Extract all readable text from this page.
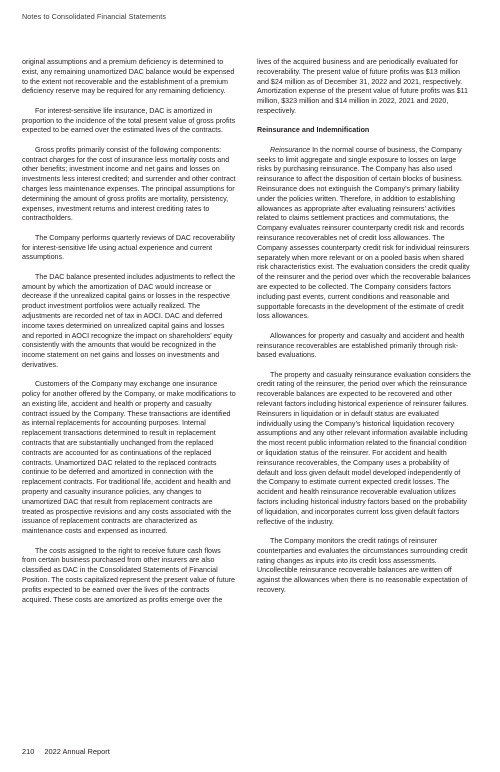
Notes to Consolidated Financial Statements

original assumptions and a premium deficiency is determined to exist, any remaining unamortized DAC balance would be expensed to the extent not recoverable and the establishment of a premium deficiency reserve may be required for any remaining deficiency.

For interest-sensitive life insurance, DAC is amortized in proportion to the incidence of the total present value of gross profits expected to be earned over the estimated lives of the contracts.

Gross profits primarily consist of the following components: contract charges for the cost of insurance less mortality costs and other benefits; investment income and net gains and losses on investments less interest credited; and surrender and other contract charges less maintenance expenses. The principal assumptions for determining the amount of gross profits are mortality, persistency, expenses, investment returns and interest crediting rates to contractholders.

The Company performs quarterly reviews of DAC recoverability for interest-sensitive life using actual experience and current assumptions.

The DAC balance presented includes adjustments to reflect the amount by which the amortization of DAC would increase or decrease if the unrealized capital gains or losses in the respective product investment portfolios were actually realized. The adjustments are recorded net of tax in AOCI. DAC and deferred income taxes determined on unrealized capital gains and losses and reported in AOCI recognize the impact on shareholders’ equity consistently with the amounts that would be recognized in the income statement on net gains and losses on investments and derivatives.

Customers of the Company may exchange one insurance policy for another offered by the Company, or make modifications to an existing life, accident and health or property and casualty contract issued by the Company. These transactions are identified as internal replacements for accounting purposes. Internal replacement transactions determined to result in replacement contracts that are substantially unchanged from the replaced contracts are accounted for as continuations of the replaced contracts. Unamortized DAC related to the replaced contracts continue to be deferred and amortized in connection with the replacement contracts. For traditional life, accident and health and property and casualty insurance policies, any changes to unamortized DAC that result from replacement contracts are treated as prospective revisions and any costs associated with the issuance of replacement contracts are characterized as maintenance costs and expensed as incurred.

The costs assigned to the right to receive future cash flows from certain business purchased from other insurers are also classified as DAC in the Consolidated Statements of Financial Position. The costs capitalized represent the present value of future profits expected to be earned over the lives of the contracts acquired. These costs are amortized as profits emerge over the

lives of the acquired business and are periodically evaluated for recoverability. The present value of future profits was $13 million and $24 million as of December 31, 2022 and 2021, respectively. Amortization expense of the present value of future profits was $11 million, $323 million and $14 million in 2022, 2021 and 2020, respectively.

Reinsurance and Indemnification

Reinsurance In the normal course of business, the Company seeks to limit aggregate and single exposure to losses on large risks by purchasing reinsurance. The Company has also used reinsurance to affect the disposition of certain blocks of business. Reinsurance does not extinguish the Company’s primary liability under the policies written. Therefore, in addition to establishing allowances as appropriate after evaluating reinsurers’ activities related to claims settlement practices and commutations, the Company evaluates reinsurer counterparty credit risk and records reinsurance recoverables net of credit loss allowances. The Company assesses counterparty credit risk for individual reinsurers separately when more relevant or on a pooled basis when shared risk characteristics exist. The evaluation considers the credit quality of the reinsurer and the period over which the recoverable balances are expected to be collected. The Company considers factors including past events, current conditions and reasonable and supportable forecasts in the development of the estimate of credit loss allowances.

Allowances for property and casualty and accident and health reinsurance recoverables are established primarily through risk-based evaluations.

The property and casualty reinsurance evaluation considers the credit rating of the reinsurer, the period over which the reinsurance recoverable balances are expected to be recovered and other relevant factors including historical experience of reinsurer failures. Reinsurers in liquidation or in default status are evaluated individually using the Company’s historical liquidation recovery assumptions and any other relevant information available including the most recent public information related to the financial condition or liquidation status of the reinsurer. For accident and health reinsurance recoverables, the Company uses a probability of default and loss given default model developed independently of the Company to estimate current expected credit losses. The accident and health reinsurance recoverable evaluation utilizes factors including historical industry factors based on the probability of liquidation, and incorporates current loss given default factors reflective of the industry.

The Company monitors the credit ratings of reinsurer counterparties and evaluates the circumstances surrounding credit rating changes as inputs into its credit loss assessments. Uncollectible reinsurance recoverable balances are written off against the allowances when there is no reasonable expectation of recovery.

210 2022 Annual Report
